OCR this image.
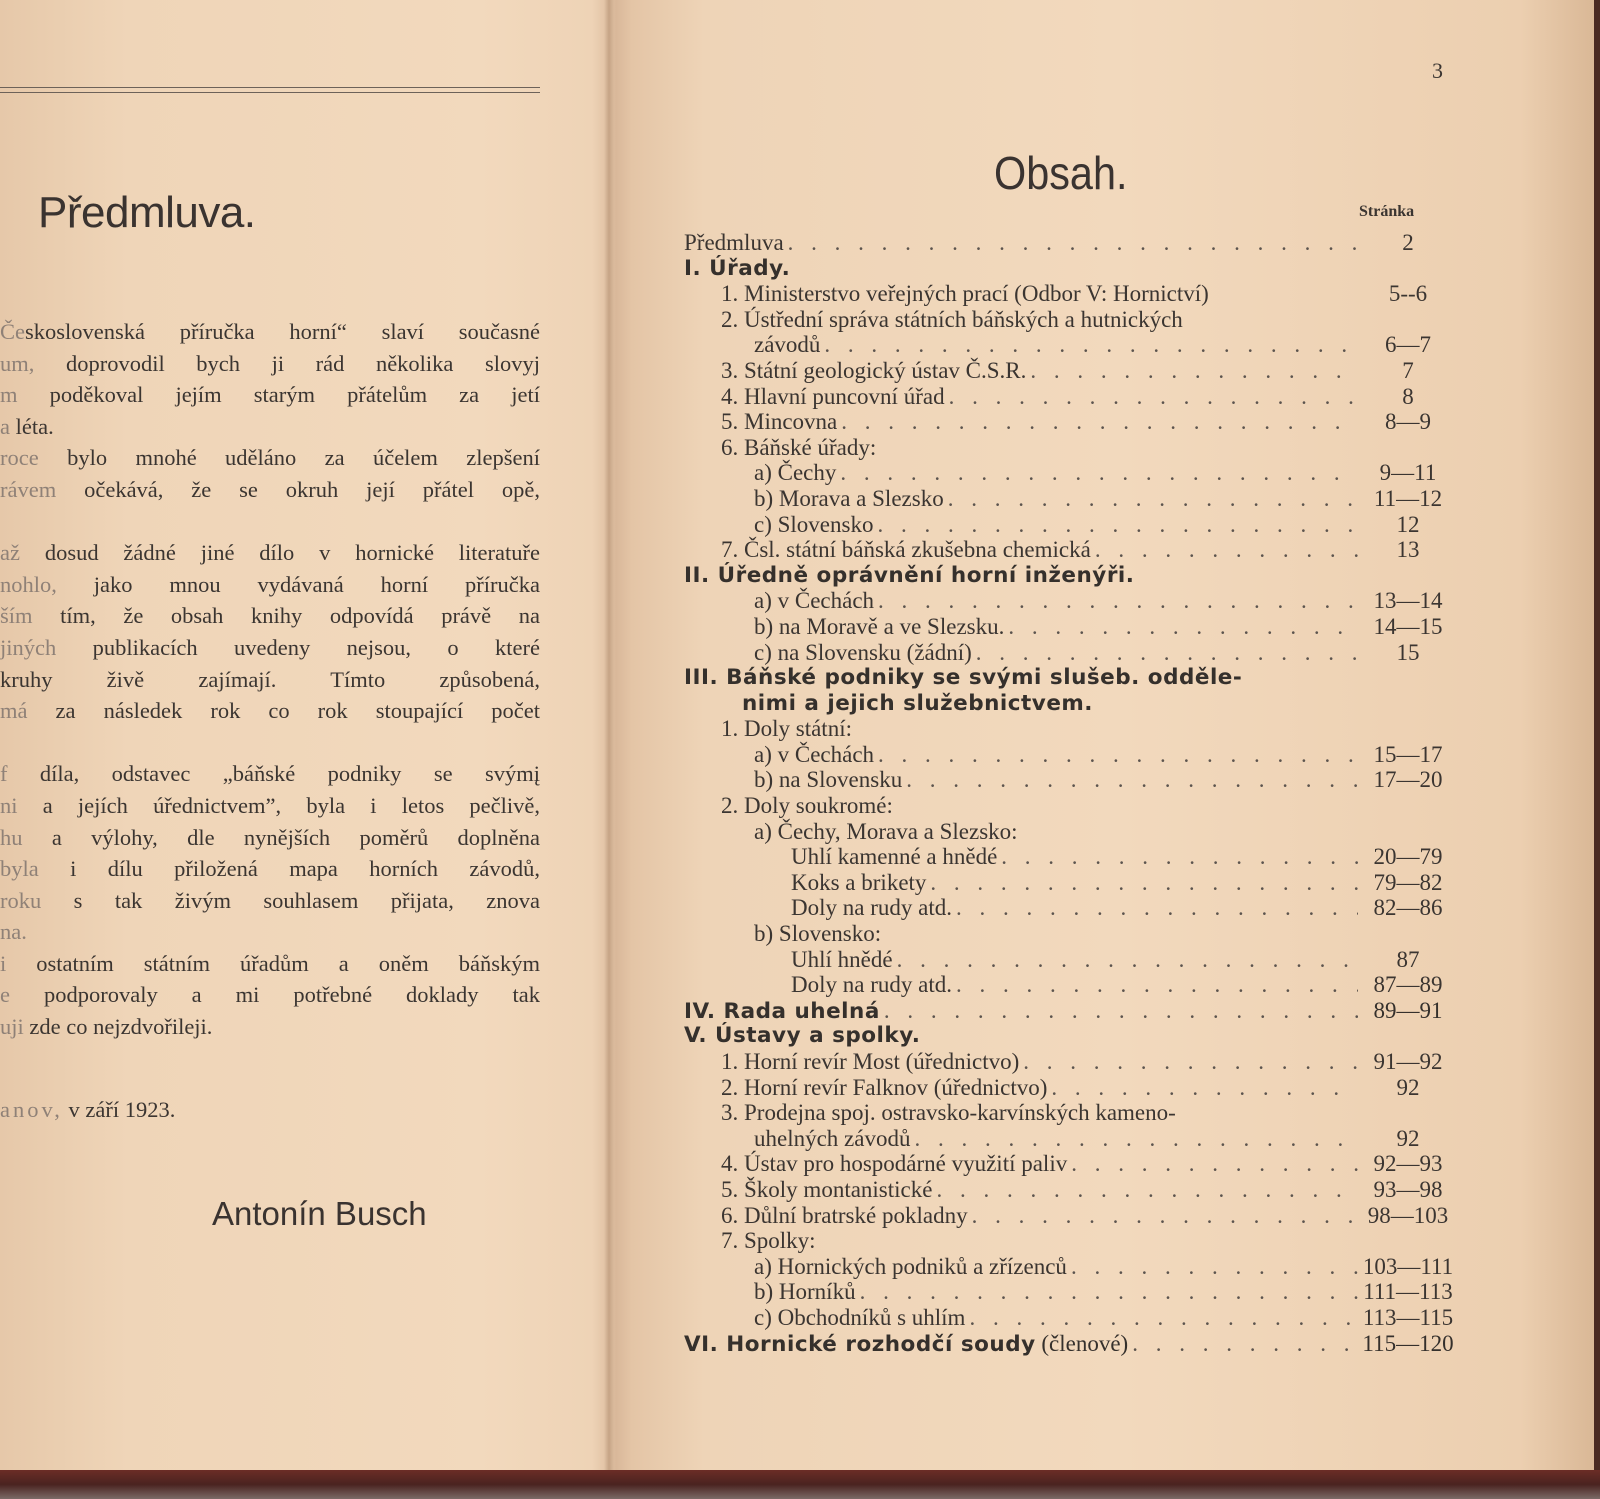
Předmluva.
Československá příručka horní“ slaví současné
um, doprovodil bych ji rád několika slovyj
m poděkoval jejím starým přátelům za jetí
a léta.
roce bylo mnohé uděláno za účelem zlepšení
rávem očekává, že se okruh její přátel opě,
až dosud žádné jiné dílo v hornické literatuře
nohlo, jako mnou vydávaná horní příručka
ším tím, že obsah knihy odpovídá právě na
jiných publikacích uvedeny nejsou, o které
kruhy živě zajímají. Tímto způsobená,
má za následek rok co rok stoupající počet
f díla, odstavec „báňské podniky se svýmį
ni a jejích úřednictvem”, byla i letos pečlivě,
hu a výlohy, dle nynějších poměrů doplněna
byla i dílu přiložená mapa horních závodů,
roku s tak živým souhlasem přijata, znova
na.
i ostatním státním úřadům a oněm báňským
e podporovaly a mi potřebné doklady tak
uji zde co nejzdvořileji.
anov, v září 1923.
Antonín Busch
3
Obsah.
Stránka
Předmluva . . .	2
I. Úřady.
1. Ministerstvo veřejných prací (Odbor V: Hornictví)	5--6
2. Ústřední správa státních báňských a hutnických
závodů . . .	6—7
3. Státní geologický ústav Č.S.R. . . .	7
4. Hlavní puncovní úřad . . .	8
5. Mincovna . . .	8—9
6. Báňské úřady:
a) Čechy . . .	9—11
b) Morava a Slezsko . . .	11—12
c) Slovensko . . .	12
7. Čsl. státní báňská zkušebna chemická . . .	13
II. Úředně oprávnění horní inženýři.
a) v Čechách . . .	13—14
b) na Moravě a ve Slezsku. . . .	14—15
c) na Slovensku (žádní) . . .	15
III. Báňské podniky se svými slušeb. odděle-
nimi a jejich služebnictvem.
1. Doly státní:
a) v Čechách . . .	15—17
b) na Slovensku . . .	17—20
2. Doly soukromé:
a) Čechy, Morava a Slezsko:
Uhlí kamenné a hnědé . . .	20—79
Koks a brikety . . .	79—82
Doly na rudy atd. . . .	82—86
b) Slovensko:
Uhlí hnědé . . .	87
Doly na rudy atd. . . .	87—89
IV. Rada uhelná . . .	89—91
V. Ústavy a spolky.
1. Horní revír Most (úřednictvo) . . .	91—92
2. Horní revír Falknov (úřednictvo) . . .	92
3. Prodejna spoj. ostravsko-karvínských kameno-
uhelných závodů . . .	92
4. Ústav pro hospodárné využití paliv . . .	92—93
5. Školy montanistické . . .	93—98
6. Důlní bratrské pokladny . . .	98—103
7. Spolky:
a) Hornických podniků a zřízenců . . .	103—111
b) Horníků . . .	111—113
c) Obchodníků s uhlím . . .	113—115
VI. Hornické rozhodčí soudy (členové) . . .	115—120
